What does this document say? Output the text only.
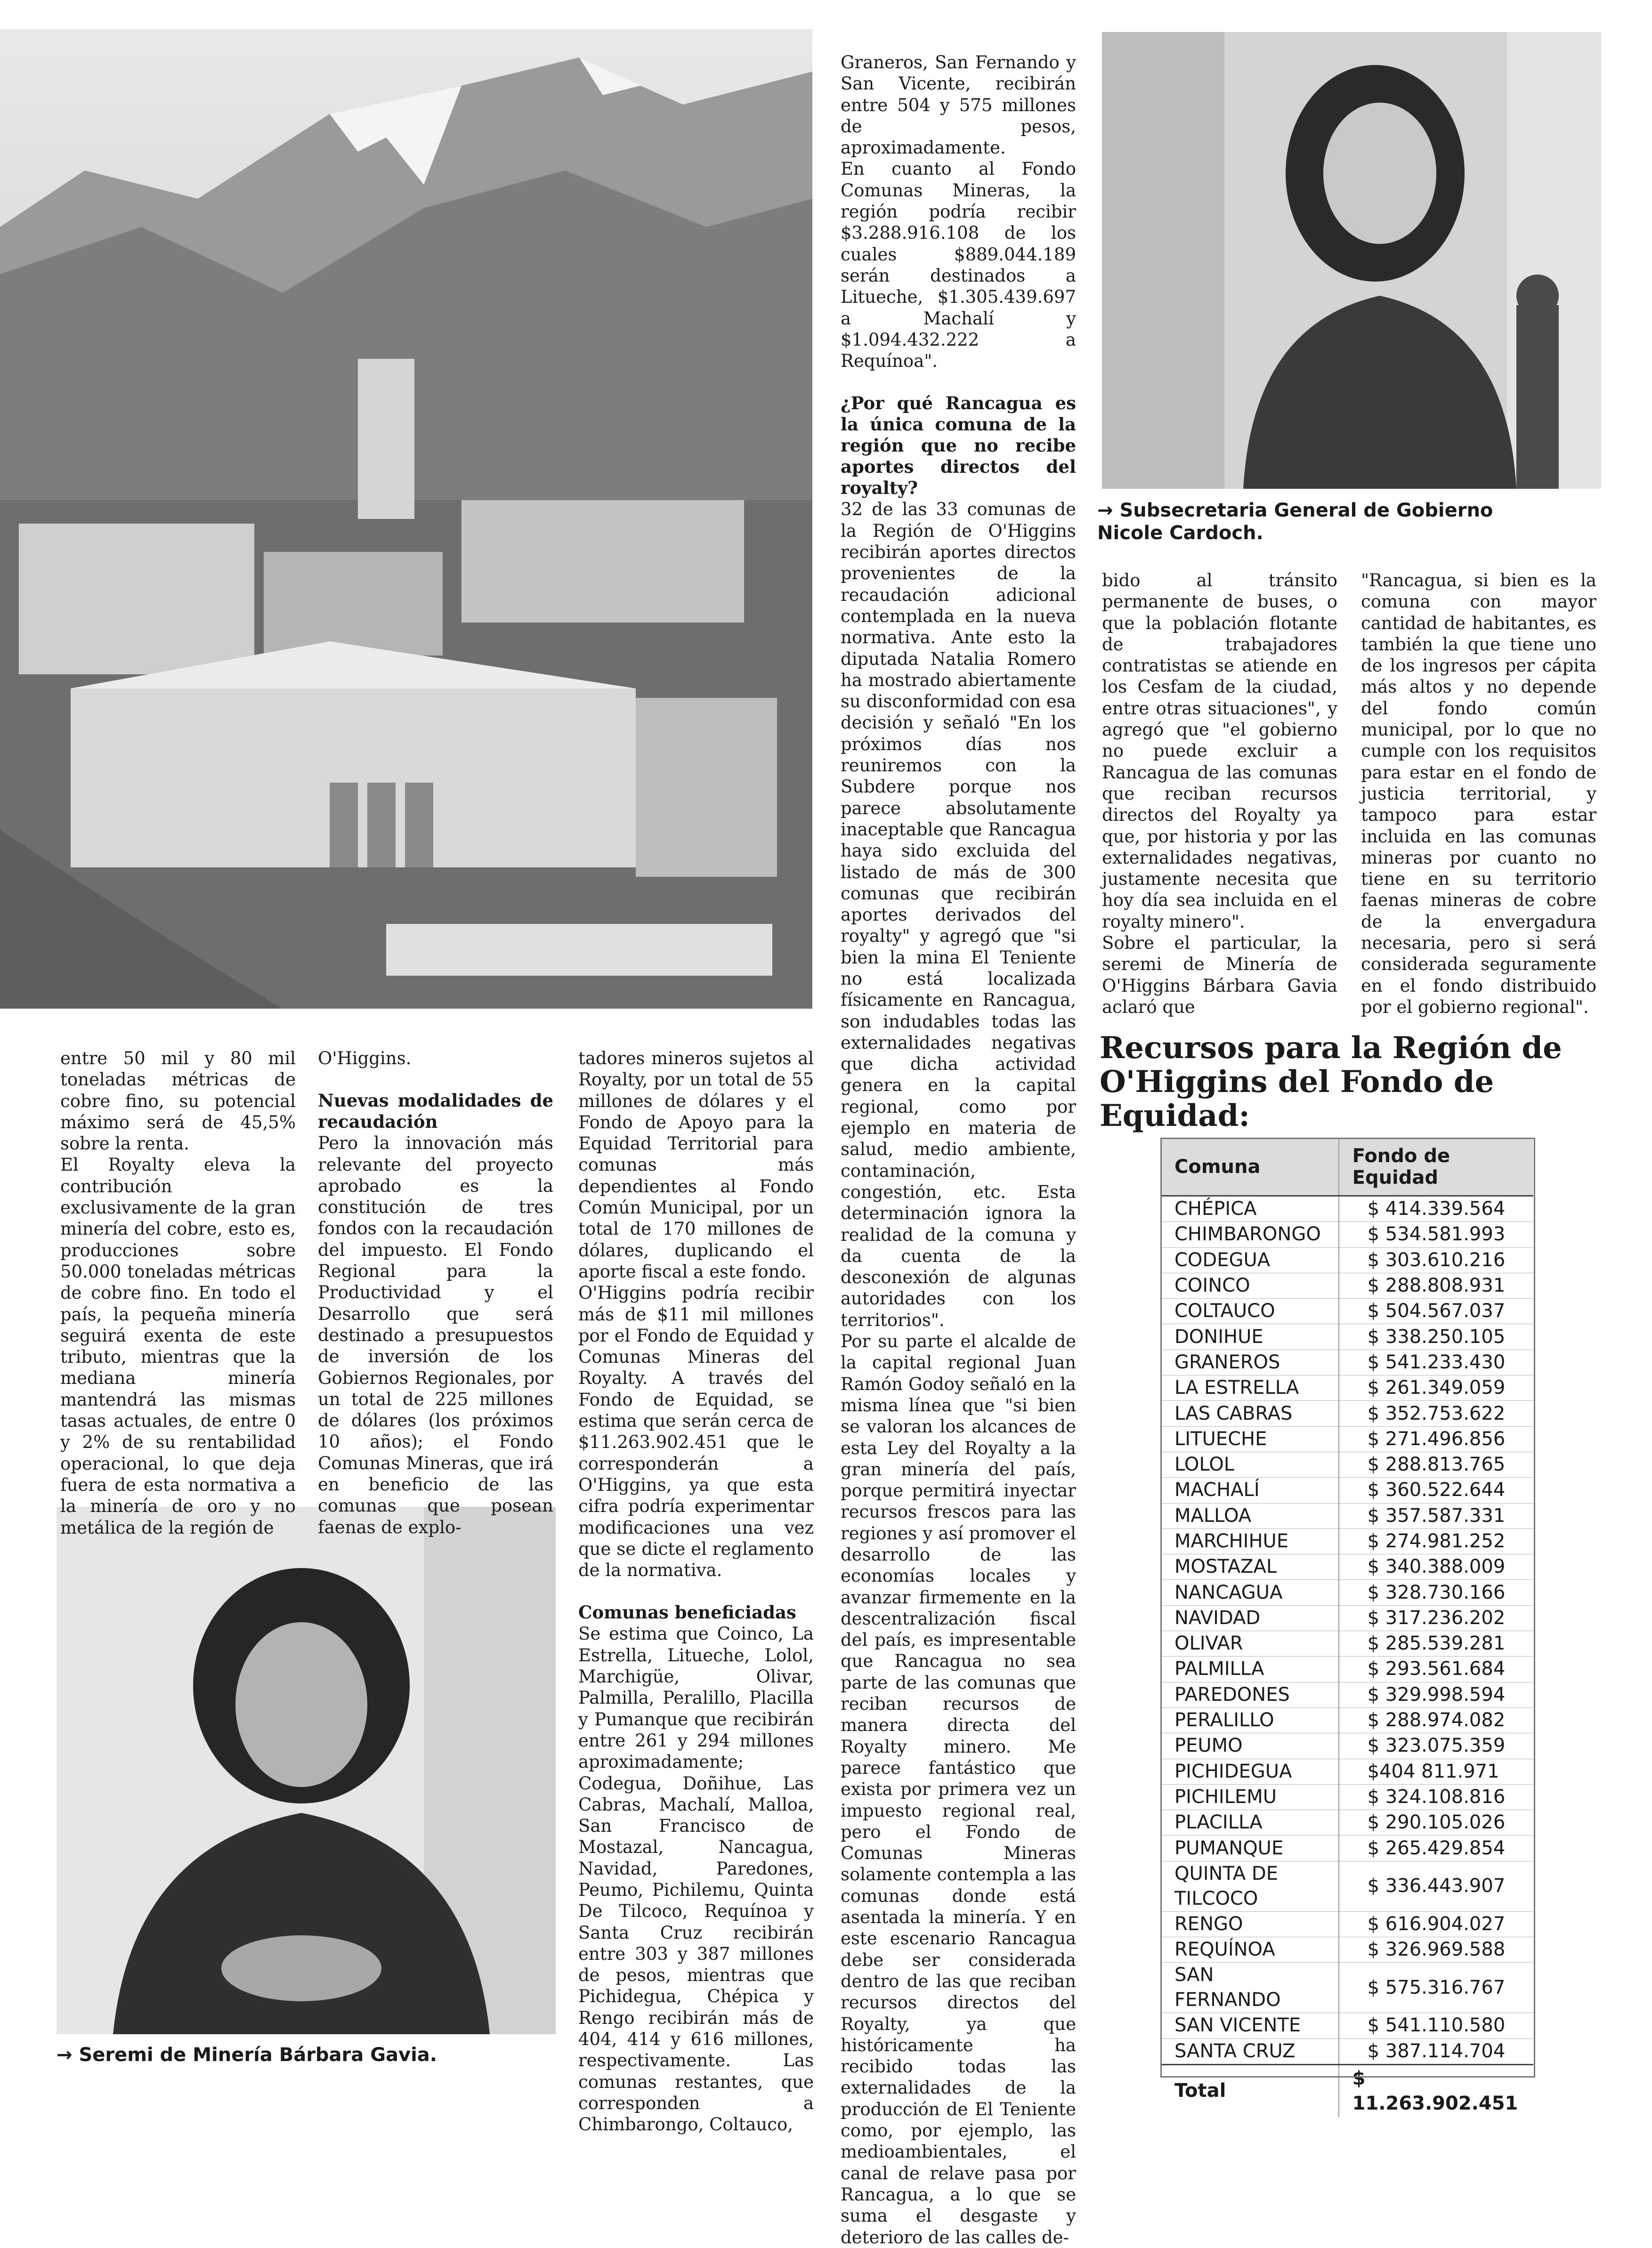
→ Subsecretaria General de Gobierno Nicole Cardoch.
→ Seremi de Minería Bárbara Gavia.

entre 50 mil y 80 mil toneladas métricas de cobre fino, su potencial máximo será de 45,5% sobre la renta.

El Royalty eleva la contribución exclusivamente de la gran minería del cobre, esto es, producciones sobre 50.000 toneladas métricas de cobre fino. En todo el país, la pequeña minería seguirá exenta de este tributo, mientras que la mediana minería mantendrá las mismas tasas actuales, de entre 0 y 2% de su rentabilidad operacional, lo que deja fuera de esta normativa a la minería de oro y no metálica de la región de

O'Higgins.

Nuevas modalidades de recaudación

Pero la innovación más relevante del proyecto aprobado es la constitución de tres fondos con la recaudación del impuesto. El Fondo Regional para la Productividad y el Desarrollo que será destinado a presupuestos de inversión de los Gobiernos Regionales, por un total de 225 millones de dólares (los próximos 10 años); el Fondo Comunas Mineras, que irá en beneficio de las comunas que posean faenas de explo-

tadores mineros sujetos al Royalty, por un total de 55 millones de dólares y el Fondo de Apoyo para la Equidad Territorial para comunas más dependientes al Fondo Común Municipal, por un total de 170 millones de dólares, duplicando el aporte fiscal a este fondo.

O'Higgins podría recibir más de $11 mil millones por el Fondo de Equidad y Comunas Mineras del Royalty. A través del Fondo de Equidad, se estima que serán cerca de $11.263.902.451 que le corresponderán a O'Higgins, ya que esta cifra podría experimentar modificaciones una vez que se dicte el reglamento de la normativa.

Comunas beneficiadas

Se estima que Coinco, La Estrella, Litueche, Lolol, Marchigüe, Olivar, Palmilla, Peralillo, Placilla y Pumanque que recibirán entre 261 y 294 millones aproximadamente; Codegua, Doñihue, Las Cabras, Machalí, Malloa, San Francisco de Mostazal, Nancagua, Navidad, Paredones, Peumo, Pichilemu, Quinta De Tilcoco, Requínoa y Santa Cruz recibirán entre 303 y 387 millones de pesos, mientras que Pichidegua, Chépica y Rengo recibirán más de 404, 414 y 616 millones, respectivamente. Las comunas restantes, que corresponden a Chimbarongo, Coltauco,

Graneros, San Fernando y San Vicente, recibirán entre 504 y 575 millones de pesos, aproximadamente.

En cuanto al Fondo Comunas Mineras, la región podría recibir $3.288.916.108 de los cuales $889.044.189 serán destinados a Litueche, $1.305.439.697 a Machalí y $1.094.432.222 a Requínoa".

¿Por qué Rancagua es la única comuna de la región que no recibe aportes directos del royalty?

32 de las 33 comunas de la Región de O'Higgins recibirán aportes directos provenientes de la recaudación adicional contemplada en la nueva normativa. Ante esto la diputada Natalia Romero ha mostrado abiertamente su disconformidad con esa decisión y señaló "En los próximos días nos reuniremos con la Subdere porque nos parece absolutamente inaceptable que Rancagua haya sido excluida del listado de más de 300 comunas que recibirán aportes derivados del royalty" y agregó que "si bien la mina El Teniente no está localizada físicamente en Rancagua, son indudables todas las externalidades negativas que dicha actividad genera en la capital regional, como por ejemplo en materia de salud, medio ambiente, contaminación, congestión, etc. Esta determinación ignora la realidad de la comuna y da cuenta de la desconexión de algunas autoridades con los territorios".

Por su parte el alcalde de la capital regional Juan Ramón Godoy señaló en la misma línea que "si bien se valoran los alcances de esta Ley del Royalty a la gran minería del país, porque permitirá inyectar recursos frescos para las regiones y así promover el desarrollo de las economías locales y avanzar firmemente en la descentralización fiscal del país, es impresentable que Rancagua no sea parte de las comunas que reciban recursos de manera directa del Royalty minero. Me parece fantástico que exista por primera vez un impuesto regional real, pero el Fondo de Comunas Mineras solamente contempla a las comunas donde está asentada la minería. Y en este escenario Rancagua debe ser considerada dentro de las que reciban recursos directos del Royalty, ya que históricamente ha recibido todas las externalidades de la producción de El Teniente como, por ejemplo, las medioambientales, el canal de relave pasa por Rancagua, a lo que se suma el desgaste y deterioro de las calles de-

bido al tránsito permanente de buses, o que la población flotante de trabajadores contratistas se atiende en los Cesfam de la ciudad, entre otras situaciones", y agregó que "el gobierno no puede excluir a Rancagua de las comunas que reciban recursos directos del Royalty ya que, por historia y por las externalidades negativas, justamente necesita que hoy día sea incluida en el royalty minero".

Sobre el particular, la seremi de Minería de O'Higgins Bárbara Gavia aclaró que

"Rancagua, si bien es la comuna con mayor cantidad de habitantes, es también la que tiene uno de los ingresos per cápita más altos y no depende del fondo común municipal, por lo que no cumple con los requisitos para estar en el fondo de justicia territorial, y tampoco para estar incluida en las comunas mineras por cuanto no tiene en su territorio faenas mineras de cobre de la envergadura necesaria, pero si será considerada seguramente en el fondo distribuido por el gobierno regional".

Recursos para la Región de O'Higgins del Fondo de Equidad:
Comuna	Fondo de Equidad
CHÉPICA	$ 414.339.564
CHIMBARONGO	$ 534.581.993
CODEGUA	$ 303.610.216
COINCO	$ 288.808.931
COLTAUCO	$ 504.567.037
DONIHUE	$ 338.250.105
GRANEROS	$ 541.233.430
LA ESTRELLA	$ 261.349.059
LAS CABRAS	$ 352.753.622
LITUECHE	$ 271.496.856
LOLOL	$ 288.813.765
MACHALÍ	$ 360.522.644
MALLOA	$ 357.587.331
MARCHIHUE	$ 274.981.252
MOSTAZAL	$ 340.388.009
NANCAGUA	$ 328.730.166
NAVIDAD	$ 317.236.202
OLIVAR	$ 285.539.281
PALMILLA	$ 293.561.684
PAREDONES	$ 329.998.594
PERALILLO	$ 288.974.082
PEUMO	$ 323.075.359
PICHIDEGUA	$404 811.971
PICHILEMU	$ 324.108.816
PLACILLA	$ 290.105.026
PUMANQUE	$ 265.429.854
QUINTA DE TILCOCO	$ 336.443.907
RENGO	$ 616.904.027
REQUÍNOA	$ 326.969.588
SAN FERNANDO	$ 575.316.767
SAN VICENTE	$ 541.110.580
SANTA CRUZ	$ 387.114.704
Total	$ 11.263.902.451
